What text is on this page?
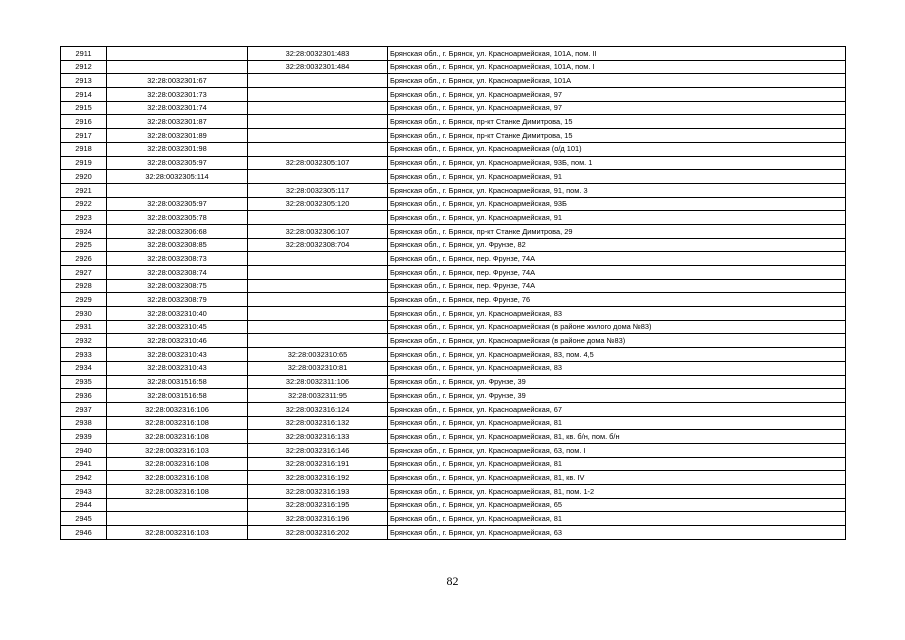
2911		32:28:0032301:483	Брянская обл., г. Брянск, ул. Красноармейская, 101А, пом. II
2912		32:28:0032301:484	Брянская обл., г. Брянск, ул. Красноармейская, 101А, пом. I
2913	32:28:0032301:67		Брянская обл., г. Брянск, ул. Красноармейская, 101А
2914	32:28:0032301:73		Брянская обл., г. Брянск, ул. Красноармейская, 97
2915	32:28:0032301:74		Брянская обл., г. Брянск, ул. Красноармейская, 97
2916	32:28:0032301:87		Брянская обл., г. Брянск, пр-кт Станке Димитрова, 15
2917	32:28:0032301:89		Брянская обл., г. Брянск, пр-кт Станке Димитрова, 15
2918	32:28:0032301:98		Брянская обл., г. Брянск, ул. Красноармейская (о/д 101)
2919	32:28:0032305:97	32:28:0032305:107	Брянская обл., г. Брянск, ул. Красноармейская, 93Б, пом. 1
2920	32:28:0032305:114		Брянская обл., г. Брянск, ул. Красноармейская, 91
2921		32:28:0032305:117	Брянская обл., г. Брянск, ул. Красноармейская, 91, пом. 3
2922	32:28:0032305:97	32:28:0032305:120	Брянская обл., г. Брянск, ул. Красноармейская, 93Б
2923	32:28:0032305:78		Брянская обл., г. Брянск, ул. Красноармейская, 91
2924	32:28:0032306:68	32:28:0032306:107	Брянская обл., г. Брянск, пр-кт Станке Димитрова, 29
2925	32:28:0032308:85	32:28:0032308:704	Брянская обл., г. Брянск, ул. Фрунзе, 82
2926	32:28:0032308:73		Брянская обл., г. Брянск, пер. Фрунзе, 74А
2927	32:28:0032308:74		Брянская обл., г. Брянск, пер. Фрунзе, 74А
2928	32:28:0032308:75		Брянская обл., г. Брянск, пер. Фрунзе, 74А
2929	32:28:0032308:79		Брянская обл., г. Брянск, пер. Фрунзе, 76
2930	32:28:0032310:40		Брянская обл., г. Брянск, ул. Красноармейская, 83
2931	32:28:0032310:45		Брянская обл., г. Брянск, ул. Красноармейская (в районе жилого дома №83)
2932	32:28:0032310:46		Брянская обл., г. Брянск, ул. Красноармейская (в районе дома №83)
2933	32:28:0032310:43	32:28:0032310:65	Брянская обл., г. Брянск, ул. Красноармейская, 83, пом. 4,5
2934	32:28:0032310:43	32:28:0032310:81	Брянская обл., г. Брянск, ул. Красноармейская, 83
2935	32:28:0031516:58	32:28:0032311:106	Брянская обл., г. Брянск, ул. Фрунзе, 39
2936	32:28:0031516:58	32:28:0032311:95	Брянская обл., г. Брянск, ул. Фрунзе, 39
2937	32:28:0032316:106	32:28:0032316:124	Брянская обл., г. Брянск, ул. Красноармейская, 67
2938	32:28:0032316:108	32:28:0032316:132	Брянская обл., г. Брянск, ул. Красноармейская, 81
2939	32:28:0032316:108	32:28:0032316:133	Брянская обл., г. Брянск, ул. Красноармейская, 81, кв. б/н, пом. б/н
2940	32:28:0032316:103	32:28:0032316:146	Брянская обл., г. Брянск, ул. Красноармейская, 63, пом. I
2941	32:28:0032316:108	32:28:0032316:191	Брянская обл., г. Брянск, ул. Красноармейская, 81
2942	32:28:0032316:108	32:28:0032316:192	Брянская обл., г. Брянск, ул. Красноармейская, 81, кв. IV
2943	32:28:0032316:108	32:28:0032316:193	Брянская обл., г. Брянск, ул. Красноармейская, 81, пом. 1-2
2944		32:28:0032316:195	Брянская обл., г. Брянск, ул. Красноармейская, 65
2945		32:28:0032316:196	Брянская обл., г. Брянск, ул. Красноармейская, 81
2946	32:28:0032316:103	32:28:0032316:202	Брянская обл., г. Брянск, ул. Красноармейская, 63
82
